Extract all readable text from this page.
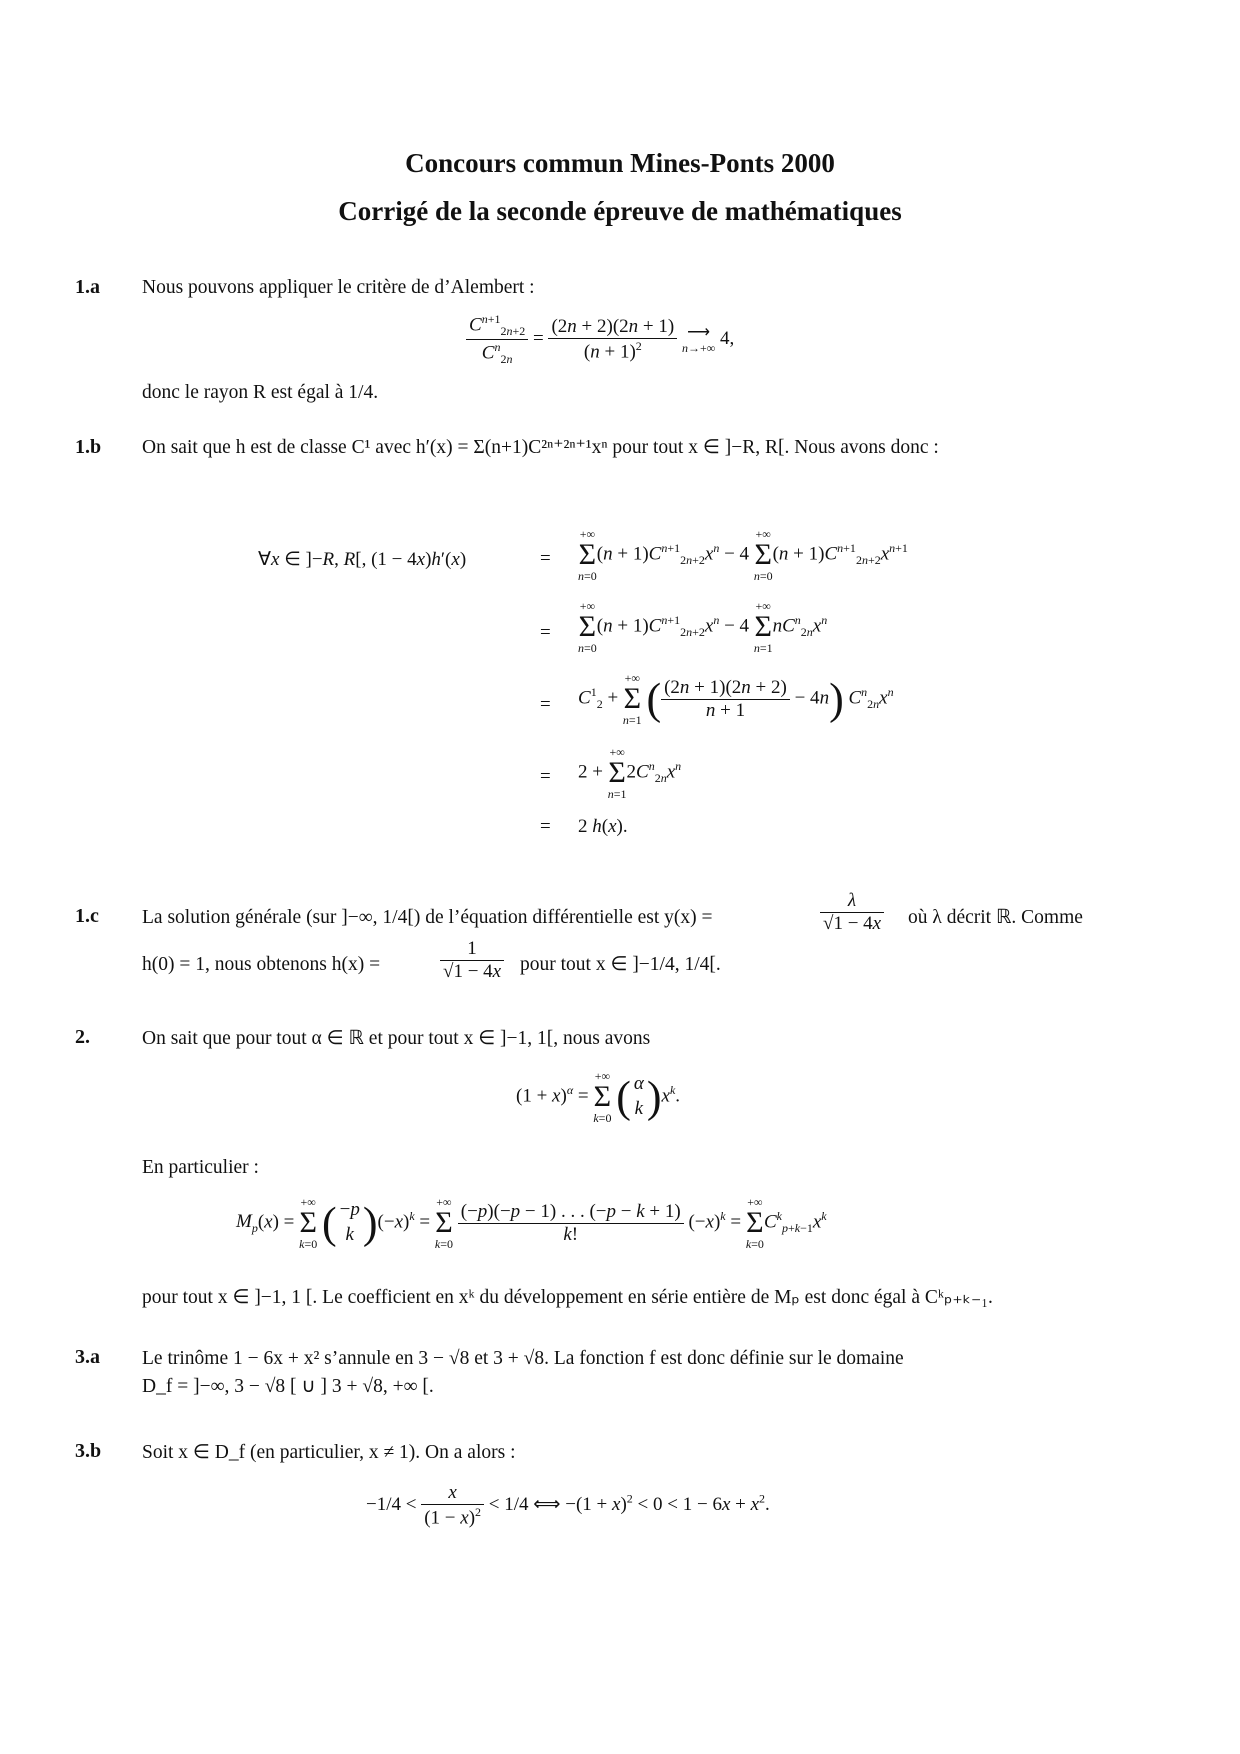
Concours commun Mines-Ponts 2000
Corrigé de la seconde épreuve de mathématiques
1.a Nous pouvons appliquer le critère de d’Alembert :
$\frac{C^{n+1}_{2n+2}}{C^n_{2n}} = \frac{(2n + 2)(2n + 1)}{(n + 1)^2}$
⟶
n→+∞ 4,
donc le rayon R est égal à 1/4.
1.b On sait que h est de classe C¹ avec h′(x) = Σ(n+1)C²ⁿ⁺²ⁿ⁺¹xⁿ pour tout x ∈ ]−R, R[. Nous avons donc :
∀x ∈ ]−R, R[, (1 − 4x)h′(x)	=
+∞
Σ
n=0
$(n + 1)C^{n+1}_{2n+2}x^n - 4$
+∞
Σ
n=0
$(n + 1)C^{n+1}_{2n+2}x^{n+1}$
=
+∞
Σ
n=0
$(n + 1)C^{n+1}_{2n+2}x^n - 4$
+∞
Σ
n=1
$nC^n_{2n}x^n$
= $C^1_2$ +
+∞
Σ
n=1 ( $\frac{(2n + 1)(2n + 2)}{n + 1} - 4n$) $C^n_{2n}x^n$
= 2 +
+∞
Σ
n=1
$2C^n_{2n}x^n$
= 2 h(x).
1.c La solution générale (sur ]−∞, 1/4[) de l’équation différentielle est y(x) =	$\frac{\lambda}{√1 - 4x}$ où λ décrit ℝ. Comme
h(0) = 1, nous obtenons h(x) =	$\frac{1}{√1 - 4x}$ pour tout x ∈ ]−1/4, 1/4[.
2.	On sait que pour tout α ∈ ℝ et pour tout x ∈ ]−1, 1[, nous avons
$(1 + x)^\alpha$ =
+∞
Σ
k=0 ( α
k )$x^k$.
En particulier :
$M_p(x)$ =
+∞
Σ
k=0 ( −p
k )$(-x)^k$ =
+∞
Σ
k=0
$\frac{(-p)(-p - 1) . . . (-p - k + 1)}{k!} (-x)^k$ =
+∞
Σ
k=0
$C^k_{p+k-1}x^k$
pour tout x ∈ ]−1, 1 [. Le coefficient en xᵏ du développement en série entière de Mₚ est donc égal à Cᵏₚ₊ₖ₋₁.
3.a Le trinôme 1 − 6x + x² s’annule en 3 − √8 et 3 + √8. La fonction f est donc définie sur le domaine
D_f = ]−∞, 3 − √8 [ ∪ ] 3 + √8, +∞ [.
3.b Soit x ∈ D_f (en particulier, x ≠ 1). On a alors :
$-1/4 < \frac{x}{(1 - x)^2} < 1/4$ ⟺ $-(1 + x)^2 < 0 < 1 - 6x + x^2$.
